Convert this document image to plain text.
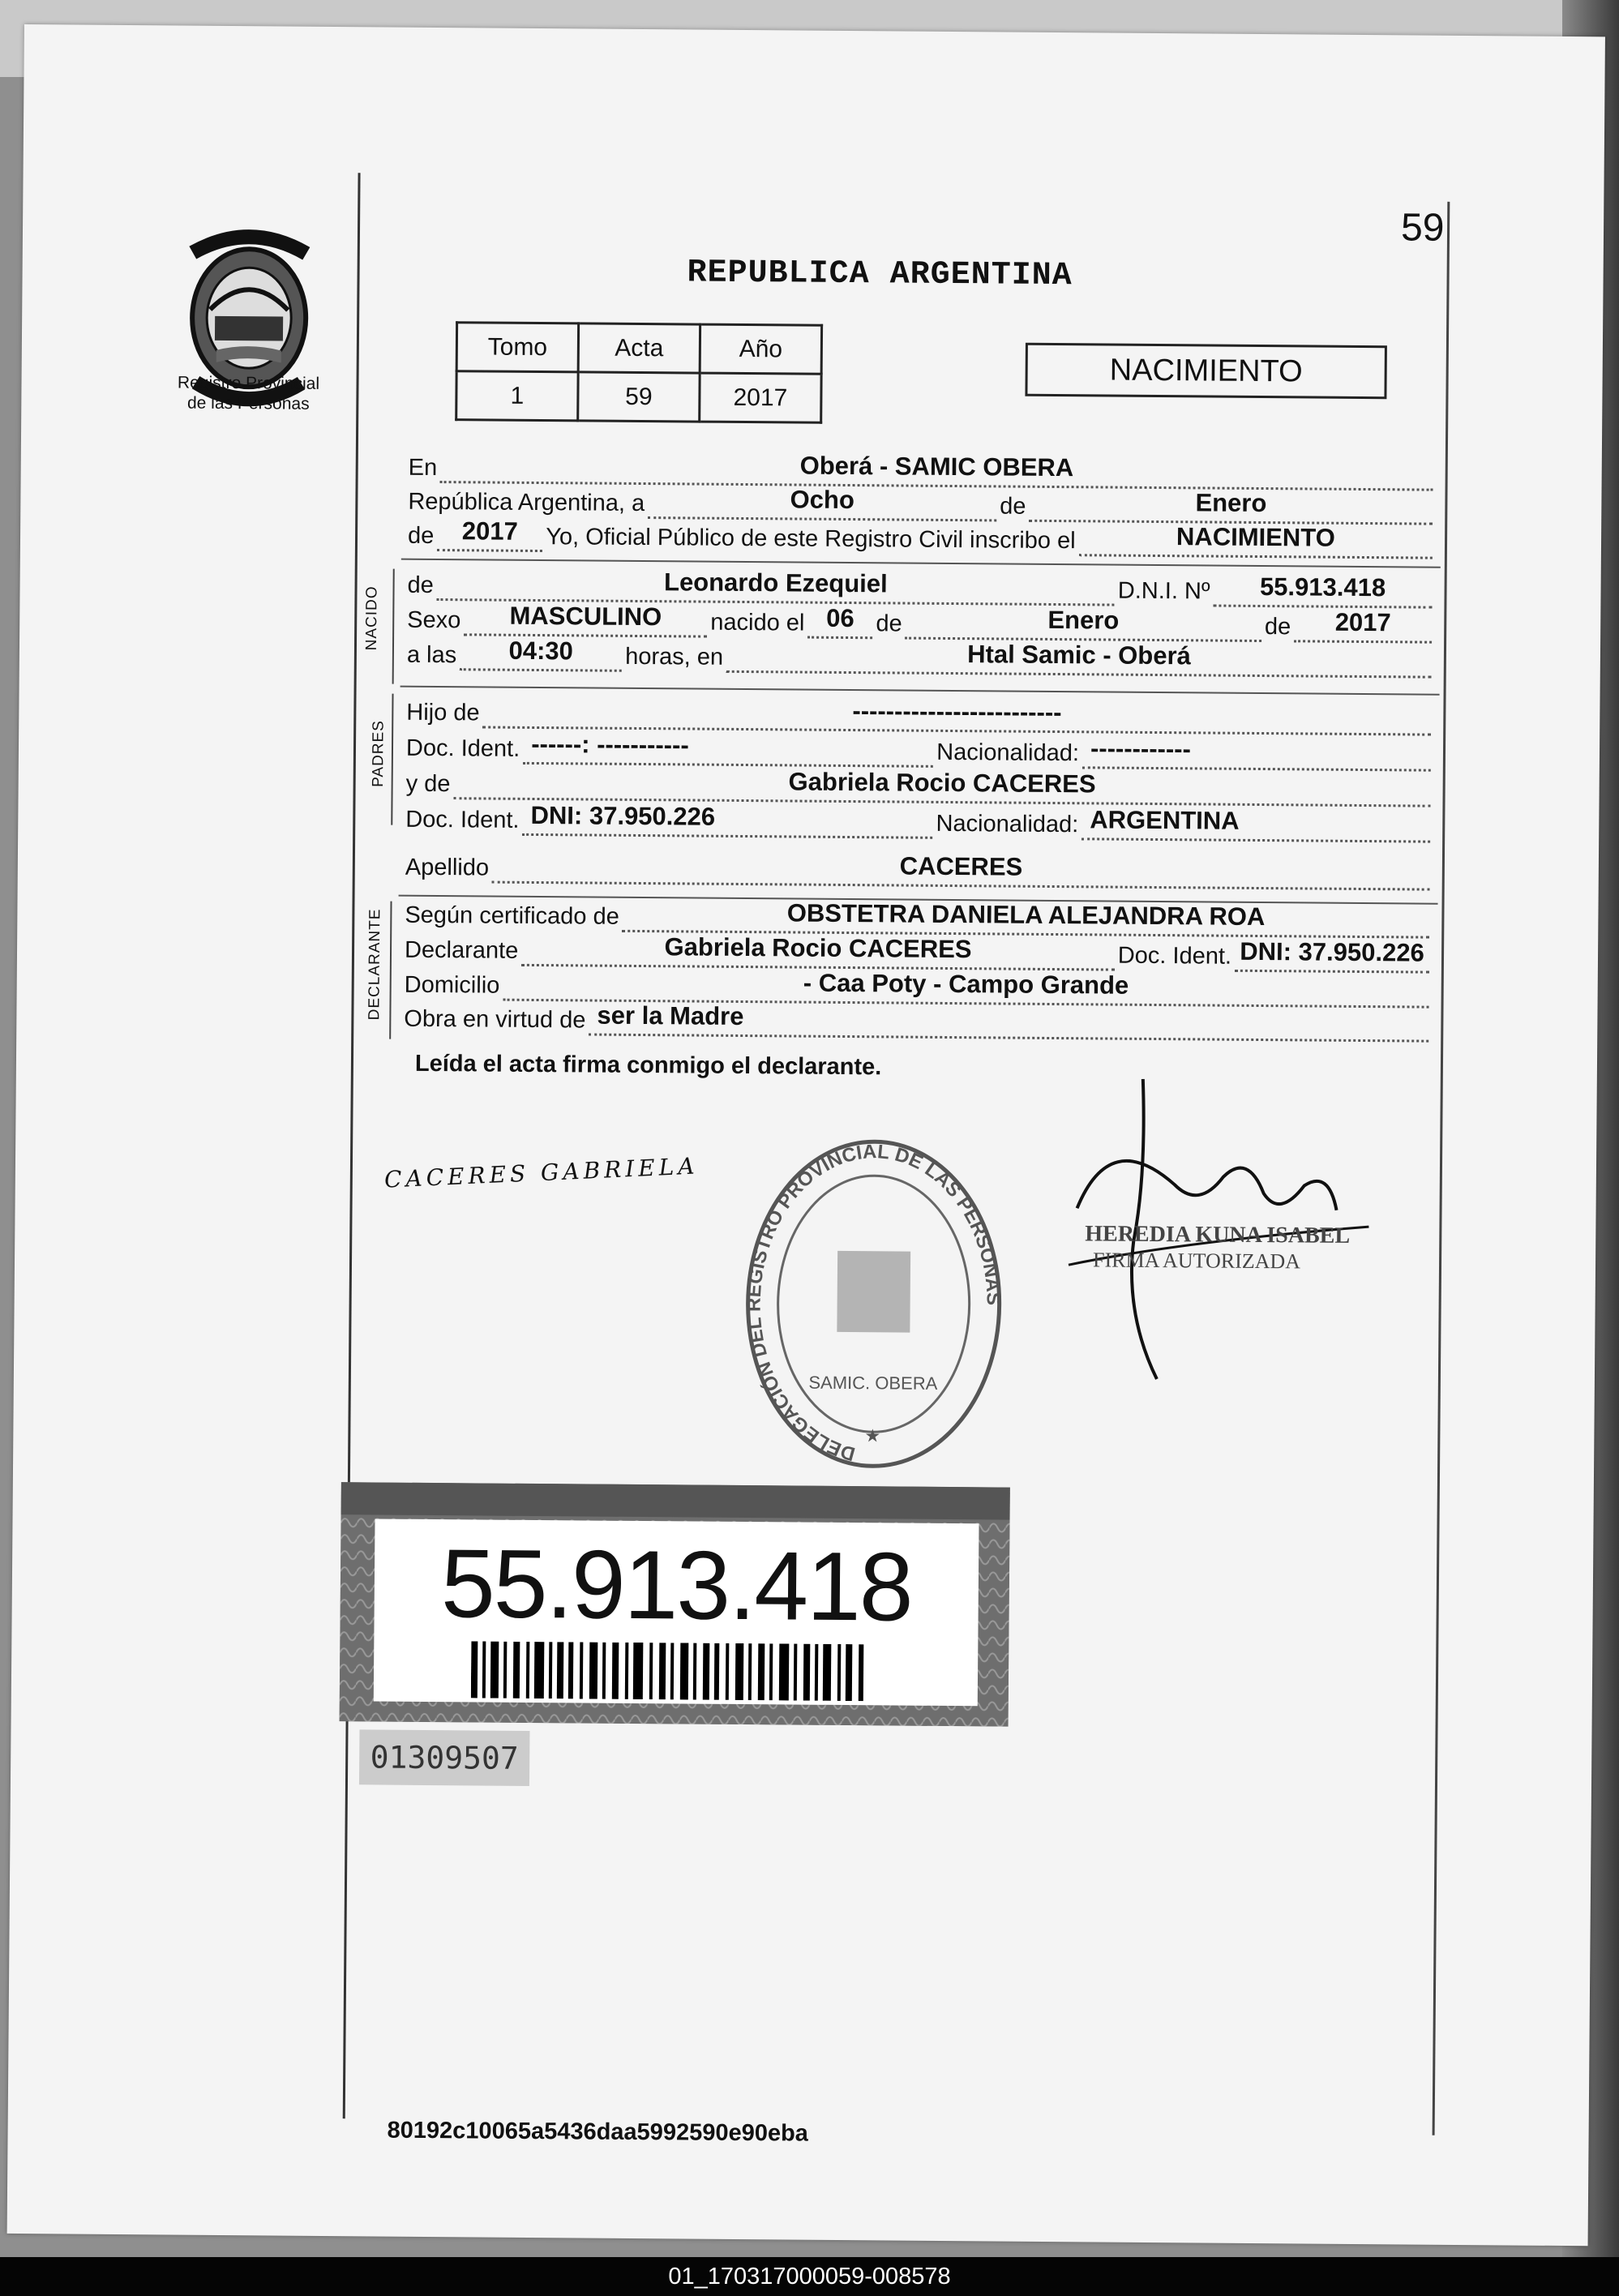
59
Registro Provincial
de las Personas
REPUBLICA ARGENTINA
Tomo	Acta	Año
1	59	2017
NACIMIENTO
En	Oberá - SAMIC OBERA
República Argentina, a	Ocho	de	Enero
de	2017	Yo, Oficial Público de este Registro Civil inscribo el	NACIMIENTO
NACIDO
de	Leonardo Ezequiel	D.N.I. Nº	55.913.418
Sexo	MASCULINO	nacido el 06 de	Enero	de	2017
a las	04:30	horas, en	Htal Samic - Oberá
PADRES
Hijo de	-------------------------
Doc. Ident. ------: -----------	Nacionalidad: ------------
y de	Gabriela Rocio CACERES
Doc. Ident. DNI: 37.950.226	Nacionalidad: ARGENTINA
Apellido	CACERES
DECLARANTE Según certificado de	OBSTETRA DANIELA ALEJANDRA ROA
Declarante	Gabriela Rocio CACERES	Doc. Ident. DNI: 37.950.226
Domicilio	- Caa Poty - Campo Grande
Obra en virtud de ser la Madre
Leída el acta firma conmigo el declarante.
CACERES GABRIELA
DELEGACIÓN DEL REGISTRO PROVINCIAL DE LAS PERSONAS
SAMIC. OBERA
★
HEREDIA KUNA ISABEL
FIRMA AUTORIZADA
55.913.418
01309507
80192c10065a5436daa5992590e90eba
01_170317000059-008578
